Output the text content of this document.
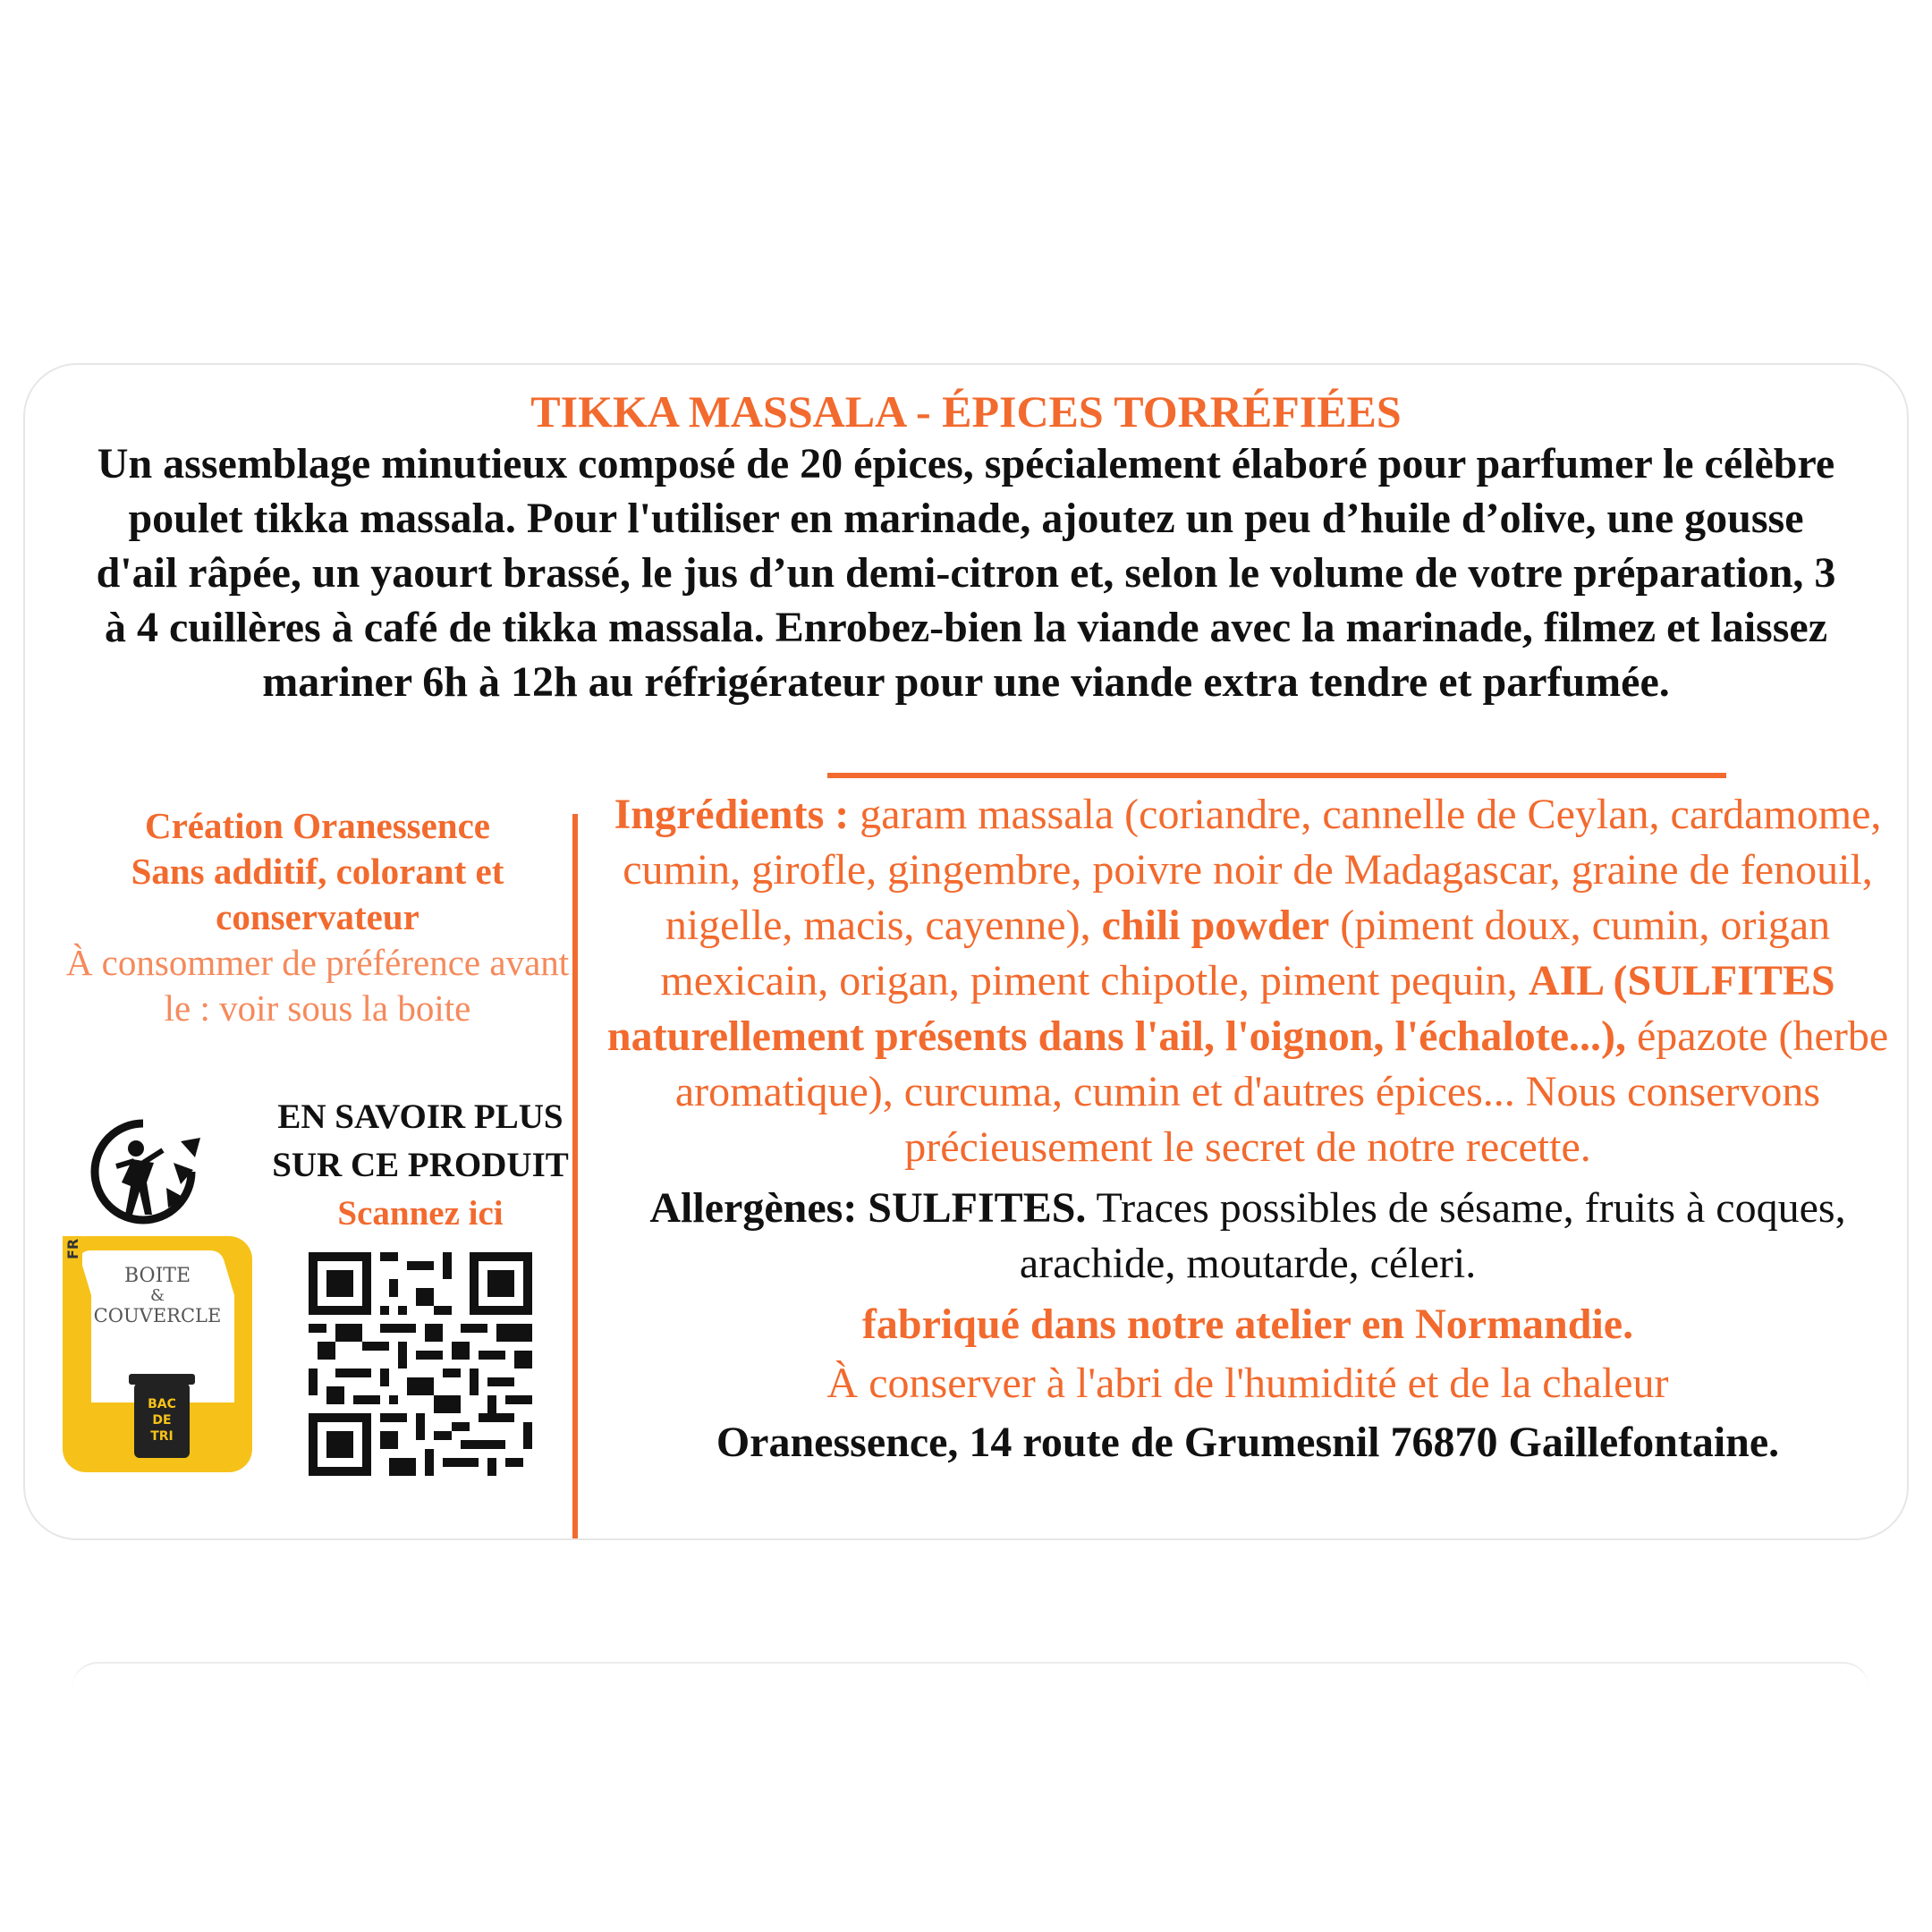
TIKKA MASSALA - ÉPICES TORRÉFIÉES
Un assemblage minutieux composé de 20 épices, spécialement élaboré pour parfumer le célèbre poulet tikka massala. Pour l'utiliser en marinade, ajoutez un peu d’huile d’olive, une gousse d'ail râpée, un yaourt brassé, le jus d’un demi-citron et, selon le volume de votre préparation, 3 à 4 cuillères à café de tikka massala. Enrobez-bien la viande avec la marinade, filmez et laissez mariner 6h à 12h au réfrigérateur pour une viande extra tendre et parfumée.

Création Oranessence

Sans additif, colorant et conservateur

À consommer de préférence avant le : voir sous la boite

EN SAVOIR PLUS
SUR CE PRODUIT
Scannez ici
FR
BOITE
&
COUVERCLE
BAC
DE
TRI

Ingrédients : garam massala (coriandre, cannelle de Ceylan, cardamome, cumin, girofle, gingembre, poivre noir de Madagascar, graine de fenouil, nigelle, macis, cayenne), chili powder (piment doux, cumin, origan mexicain, origan, piment chipotle, piment pequin, AIL (SULFITES naturellement présents dans l'ail, l'oignon, l'échalote...), épazote (herbe aromatique), curcuma, cumin et d'autres épices... Nous conservons précieusement le secret de notre recette.

Allergènes: SULFITES. Traces possibles de sésame, fruits à coques, arachide, moutarde, céleri.

fabriqué dans notre atelier en Normandie.

À conserver à l'abri de l'humidité et de la chaleur

Oranessence, 14 route de Grumesnil 76870 Gaillefontaine.
